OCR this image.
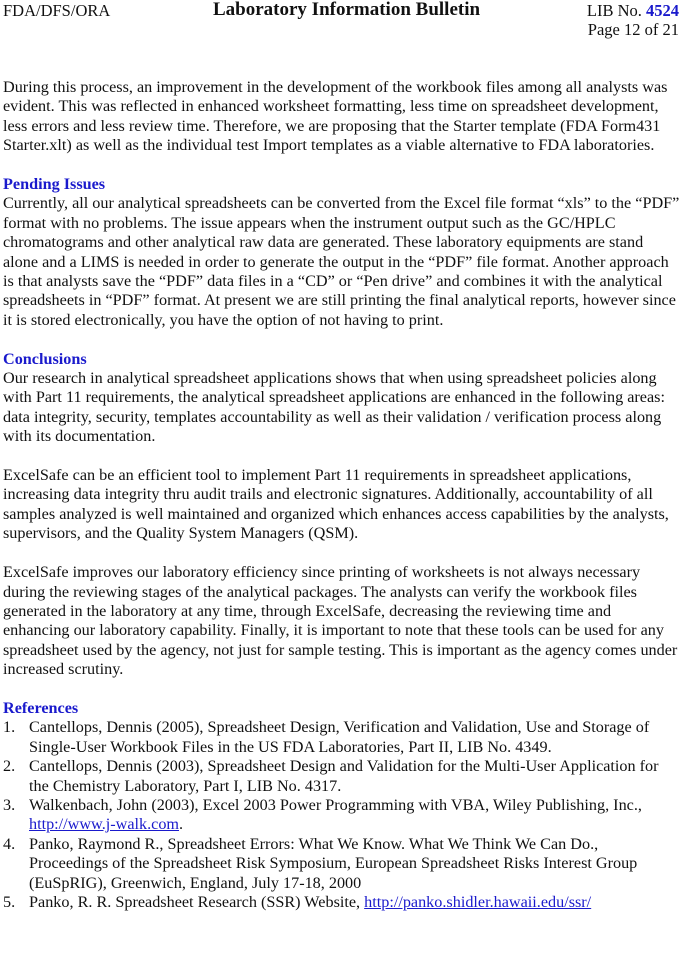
FDA/DFS/ORA	Laboratory Information Bulletin	LIB No. 4524
Page 12 of 21

During this process, an improvement in the development of the workbook files among all analysts was evident. This was reflected in enhanced worksheet formatting, less time on spreadsheet development, less errors and less review time. Therefore, we are proposing that the Starter template (FDA Form431 Starter.xlt) as well as the individual test Import templates as a viable alternative to FDA laboratories.

Pending Issues

Currently, all our analytical spreadsheets can be converted from the Excel file format “xls” to the “PDF” format with no problems. The issue appears when the instrument output such as the GC/HPLC chromatograms and other analytical raw data are generated. These laboratory equipments are stand alone and a LIMS is needed in order to generate the output in the “PDF” file format. Another approach is that analysts save the “PDF” data files in a “CD” or “Pen drive” and combines it with the analytical spreadsheets in “PDF” format. At present we are still printing the final analytical reports, however since it is stored electronically, you have the option of not having to print.

Conclusions

Our research in analytical spreadsheet applications shows that when using spreadsheet policies along with Part 11 requirements, the analytical spreadsheet applications are enhanced in the following areas: data integrity, security, templates accountability as well as their validation / verification process along with its documentation.

ExcelSafe can be an efficient tool to implement Part 11 requirements in spreadsheet applications, increasing data integrity thru audit trails and electronic signatures. Additionally, accountability of all samples analyzed is well maintained and organized which enhances access capabilities by the analysts, supervisors, and the Quality System Managers (QSM).

ExcelSafe improves our laboratory efficiency since printing of worksheets is not always necessary during the reviewing stages of the analytical packages. The analysts can verify the workbook files generated in the laboratory at any time, through ExcelSafe, decreasing the reviewing time and enhancing our laboratory capability. Finally, it is important to note that these tools can be used for any spreadsheet used by the agency, not just for sample testing. This is important as the agency comes under increased scrutiny.

References

1. Cantellops, Dennis (2005), Spreadsheet Design, Verification and Validation, Use and Storage of Single-User Workbook Files in the US FDA Laboratories, Part II, LIB No. 4349.
2. Cantellops, Dennis (2003), Spreadsheet Design and Validation for the Multi-User Application for the Chemistry Laboratory, Part I, LIB No. 4317.
3. Walkenbach, John (2003), Excel 2003 Power Programming with VBA, Wiley Publishing, Inc., http://www.j-walk.com.
4. Panko, Raymond R., Spreadsheet Errors: What We Know. What We Think We Can Do., Proceedings of the Spreadsheet Risk Symposium, European Spreadsheet Risks Interest Group (EuSpRIG), Greenwich, England, July 17-18, 2000
5. Panko, R. R. Spreadsheet Research (SSR) Website, http://panko.shidler.hawaii.edu/ssr/
